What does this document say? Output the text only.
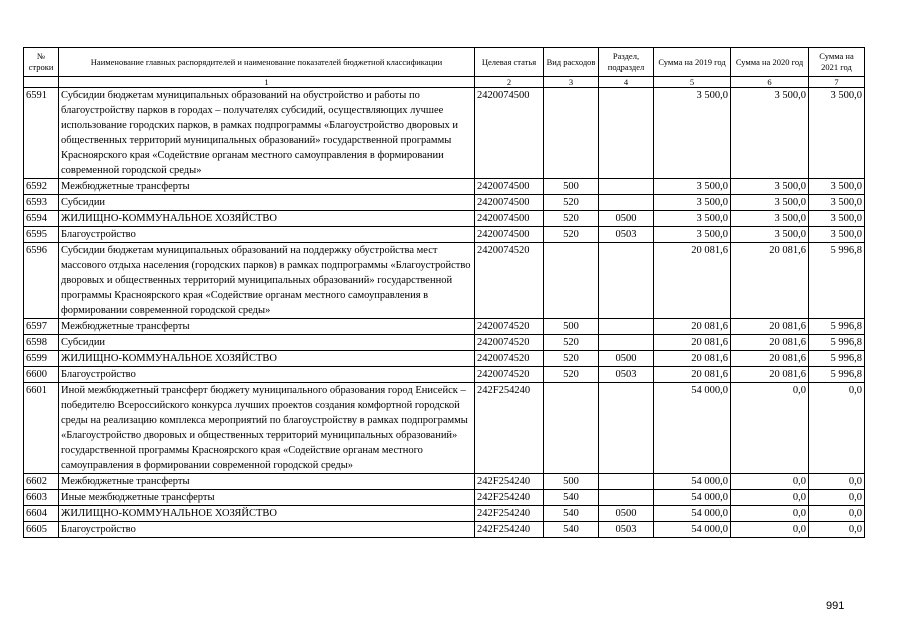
№ строки	Наименование главных распорядителей и наименование показателей бюджетной классификации	Целевая статья	Вид расходов	Раздел, подраздел	Сумма на 2019 год	Сумма на 2020 год	Сумма на 2021 год
	1	2	3	4	5	6	7
6591	Субсидии бюджетам муниципальных образований на обустройство и работы по благоустройству парков в городах – получателях субсидий, осуществляющих лучшее использование городских парков, в рамках подпрограммы «Благоустройство дворовых и общественных территорий муниципальных образований» государственной программы Красноярского края «Содействие органам местного самоуправления в формировании современной городской среды»	2420074500			3 500,0	3 500,0	3 500,0
6592	Межбюджетные трансферты	2420074500	500		3 500,0	3 500,0	3 500,0
6593	Субсидии	2420074500	520		3 500,0	3 500,0	3 500,0
6594	ЖИЛИЩНО-КОММУНАЛЬНОЕ ХОЗЯЙСТВО	2420074500	520	0500	3 500,0	3 500,0	3 500,0
6595	Благоустройство	2420074500	520	0503	3 500,0	3 500,0	3 500,0
6596	Субсидии бюджетам муниципальных образований на поддержку обустройства мест массового отдыха населения (городских парков) в рамках подпрограммы «Благоустройство дворовых и общественных территорий муниципальных образований» государственной программы Красноярского края «Содействие органам местного самоуправления в формировании современной городской среды»	2420074520			20 081,6	20 081,6	5 996,8
6597	Межбюджетные трансферты	2420074520	500		20 081,6	20 081,6	5 996,8
6598	Субсидии	2420074520	520		20 081,6	20 081,6	5 996,8
6599	ЖИЛИЩНО-КОММУНАЛЬНОЕ ХОЗЯЙСТВО	2420074520	520	0500	20 081,6	20 081,6	5 996,8
6600	Благоустройство	2420074520	520	0503	20 081,6	20 081,6	5 996,8
6601	Иной межбюджетный трансферт бюджету муниципального образования город Енисейск – победителю Всероссийского конкурса лучших проектов создания комфортной городской среды на реализацию комплекса мероприятий по благоустройству в рамках подпрограммы «Благоустройство дворовых и общественных территорий муниципальных образований» государственной программы Красноярского края «Содействие органам местного самоуправления в формировании современной городской среды»	242F254240			54 000,0	0,0	0,0
6602	Межбюджетные трансферты	242F254240	500		54 000,0	0,0	0,0
6603	Иные межбюджетные трансферты	242F254240	540		54 000,0	0,0	0,0
6604	ЖИЛИЩНО-КОММУНАЛЬНОЕ ХОЗЯЙСТВО	242F254240	540	0500	54 000,0	0,0	0,0
6605	Благоустройство	242F254240	540	0503	54 000,0	0,0	0,0
991
